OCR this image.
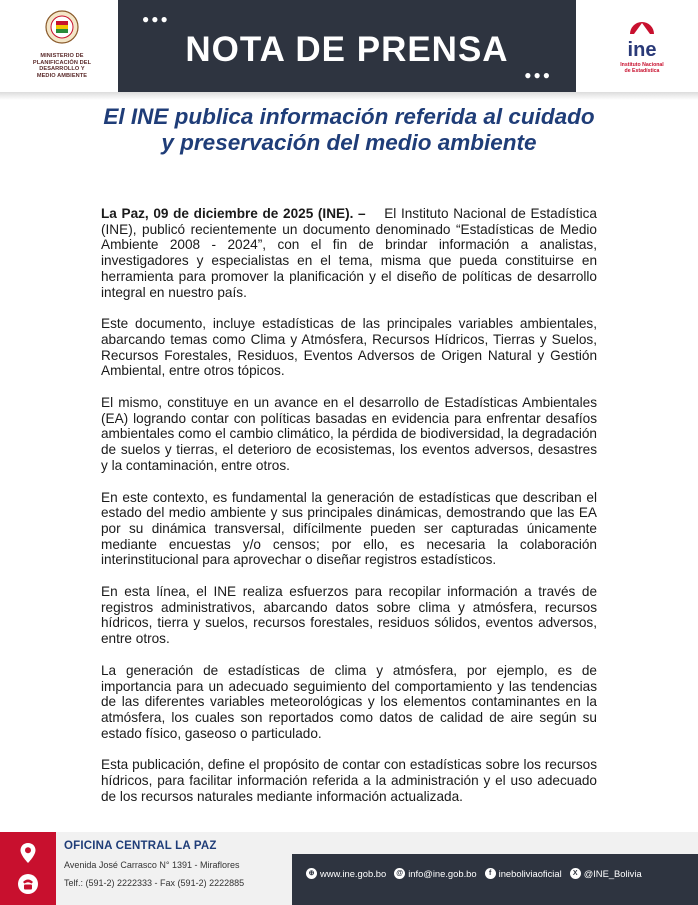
MINISTERIO DE
PLANIFICACIÓN DEL
DESARROLLO Y
MEDIO AMBIENTE
●●●
NOTA DE PRENSA
●●●
ine
Instituto Nacional
de Estadística
El INE publica información referida al cuidado y preservación del medio ambiente

La Paz, 09 de diciembre de 2025 (INE). – El Instituto Nacional de Estadística (INE), publicó recientemente un documento denominado “Estadísticas de Medio Ambiente 2008 - 2024”, con el fin de brindar información a analistas, investigadores y especialistas en el tema, misma que pueda constituirse en herramienta para promover la planificación y el diseño de políticas de desarrollo integral en nuestro país.

Este documento, incluye estadísticas de las principales variables ambientales, abarcando temas como Clima y Atmósfera, Recursos Hídricos, Tierras y Suelos, Recursos Forestales, Residuos, Eventos Adversos de Origen Natural y Gestión Ambiental, entre otros tópicos.

El mismo, constituye en un avance en el desarrollo de Estadísticas Ambientales (EA) logrando contar con políticas basadas en evidencia para enfrentar desafíos ambientales como el cambio climático, la pérdida de biodiversidad, la degradación de suelos y tierras, el deterioro de ecosistemas, los eventos adversos, desastres y la contaminación, entre otros.

En este contexto, es fundamental la generación de estadísticas que describan el estado del medio ambiente y sus principales dinámicas, demostrando que las EA por su dinámica transversal, difícilmente pueden ser capturadas únicamente mediante encuestas y/o censos; por ello, es necesaria la colaboración interinstitucional para aprovechar o diseñar registros estadísticos.

En esta línea, el INE realiza esfuerzos para recopilar información a través de registros administrativos, abarcando datos sobre clima y atmósfera, recursos hídricos, tierra y suelos, recursos forestales, residuos sólidos, eventos adversos, entre otros.

La generación de estadísticas de clima y atmósfera, por ejemplo, es de importancia para un adecuado seguimiento del comportamiento y las tendencias de las diferentes variables meteorológicas y los elementos contaminantes en la atmósfera, los cuales son reportados como datos de calidad de aire según su estado físico, gaseoso o particulado.

Esta publicación, define el propósito de contar con estadísticas sobre los recursos hídricos, para facilitar información referida a la administración y el uso adecuado de los recursos naturales mediante información actualizada.

OFICINA CENTRAL LA PAZ
Avenida José Carrasco N° 1391 - Miraflores
Telf.: (591-2) 2222333 - Fax (591-2) 2222885
⊕ www.ine.gob.bo @ info@ine.gob.bo	f ineboliviaoficial	X @INE_Bolivia
